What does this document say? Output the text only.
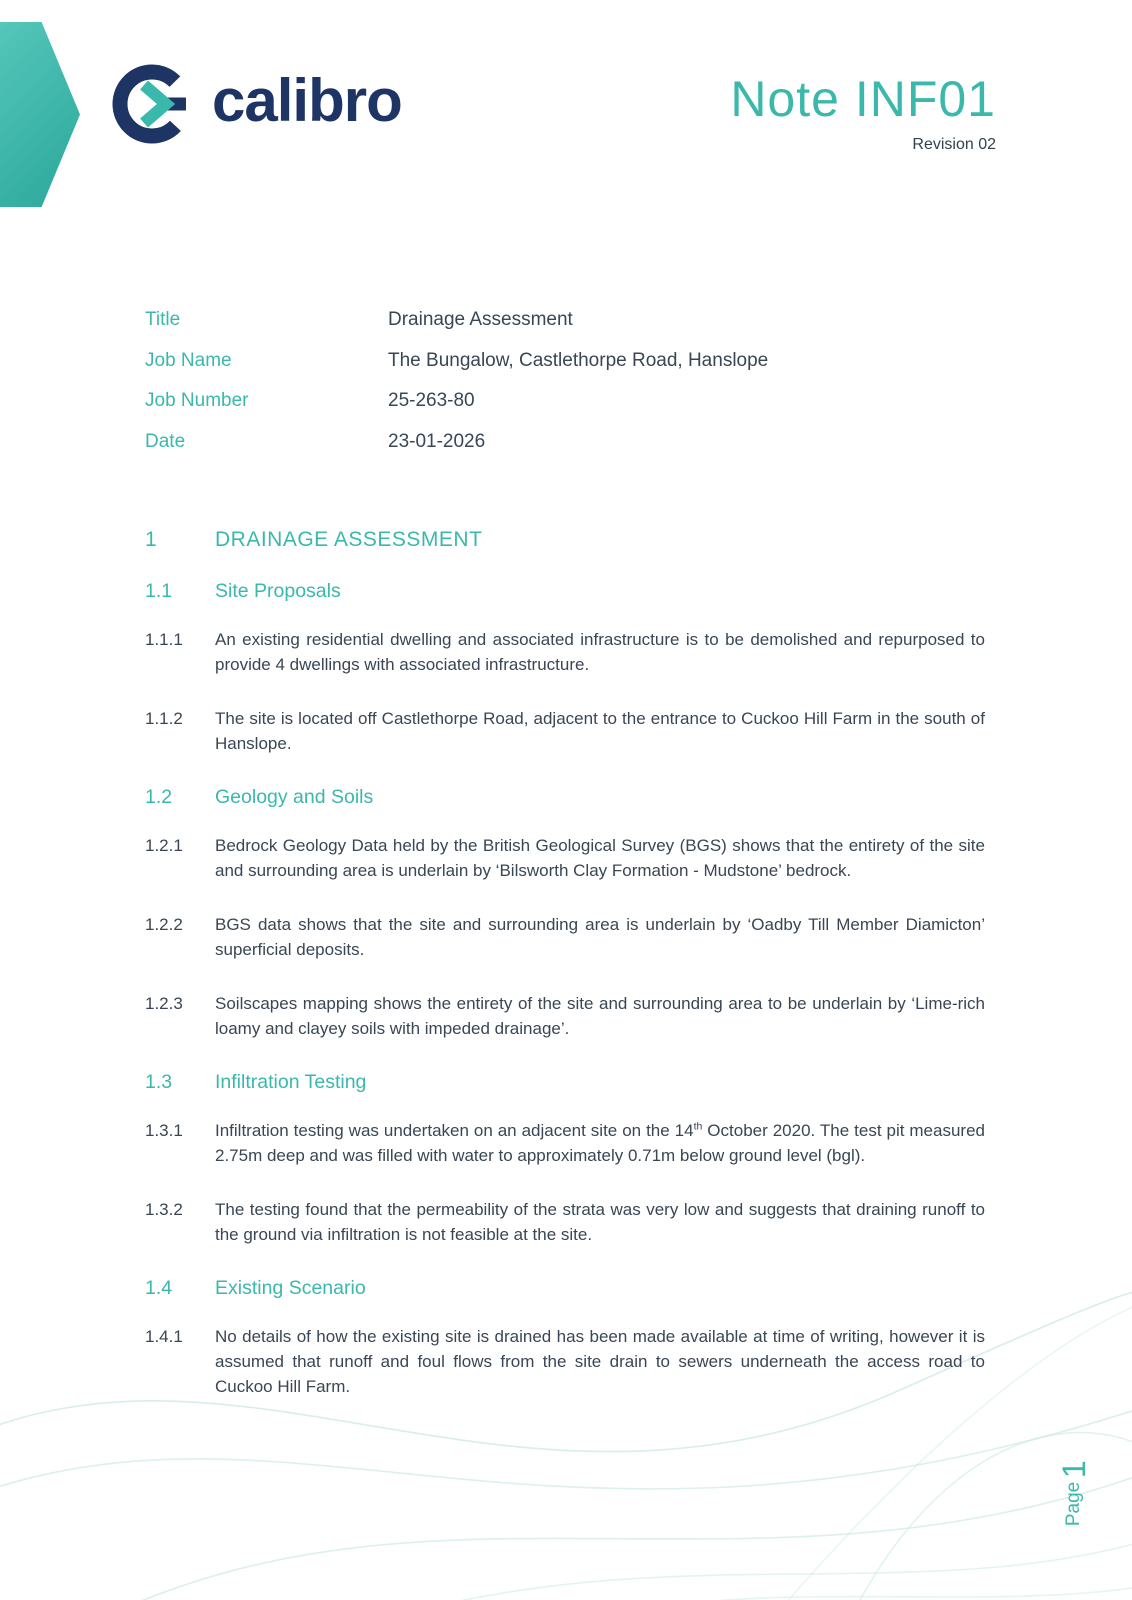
calibro	Note INF01
Revision 02
Title	Drainage Assessment
Job Name	The Bungalow, Castlethorpe Road, Hanslope
Job Number	25-263-80
Date	23-01-2026
1	DRAINAGE ASSESSMENT
1.1	Site Proposals
1.1.1	An existing residential dwelling and associated infrastructure is to be demolished and repurposed to provide 4 dwellings with associated infrastructure.

1.1.2	The site is located off Castlethorpe Road, adjacent to the entrance to Cuckoo Hill Farm in the south of Hanslope.

1.2	Geology and Soils
1.2.1	Bedrock Geology Data held by the British Geological Survey (BGS) shows that the entirety of the site and surrounding area is underlain by ‘Bilsworth Clay Formation - Mudstone’ bedrock.

1.2.2	BGS data shows that the site and surrounding area is underlain by ‘Oadby Till Member Diamicton’ superficial deposits.

1.2.3	Soilscapes mapping shows the entirety of the site and surrounding area to be underlain by ‘Lime-rich loamy and clayey soils with impeded drainage’.

1.3	Infiltration Testing
1.3.1	Infiltration testing was undertaken on an adjacent site on the 14th October 2020. The test pit measured 2.75m deep and was filled with water to approximately 0.71m below ground level (bgl).

1.3.2	The testing found that the permeability of the strata was very low and suggests that draining runoff to the ground via infiltration is not feasible at the site.

1.4	Existing Scenario
1.4.1	No details of how the existing site is drained has been made available at time of writing, however it is assumed that runoff and foul flows from the site drain to sewers underneath the access road to Cuckoo Hill Farm.

Page
1
